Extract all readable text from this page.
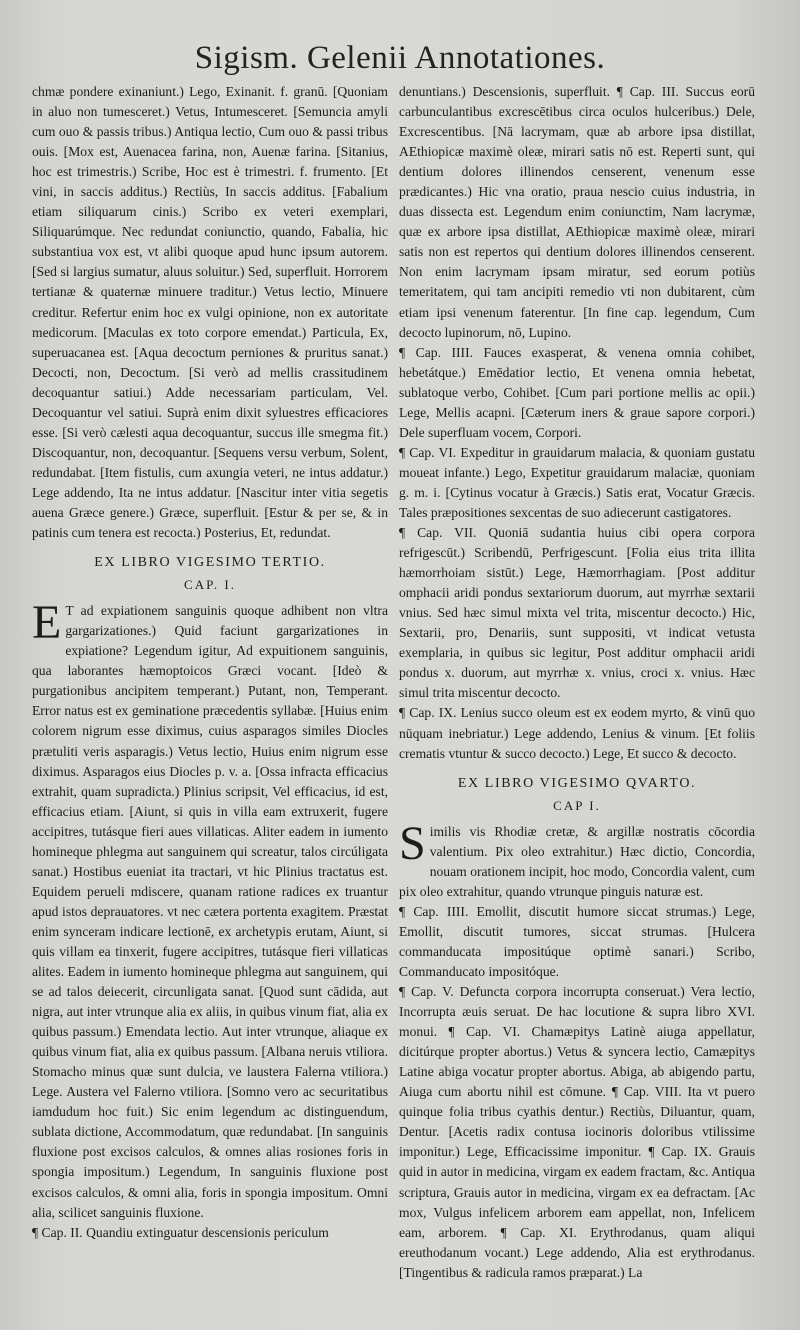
Sigism. Gelenii Annotationes.

chmæ pondere exinaniunt.) Lego, Exinanit. f. granū. [Quoniam in aluo non tumesceret.) Vetus, Intumesceret. [Semuncia amyli cum ouo & passis tribus.) Antiqua lectio, Cum ouo & passi tribus ouis. [Mox est, Auenacea farina, non, Auenæ farina. [Sitanius, hoc est trimestris.) Scribe, Hoc est è trimestri. f. frumento. [Et vini, in saccis additus.) Rectiùs, In saccis additus. [Fabalium etiam siliquarum cinis.) Scribo ex veteri exemplari, Siliquarúmque. Nec redundat coniunctio, quando, Fabalia, hic substantiua vox est, vt alibi quoque apud hunc ipsum autorem. [Sed si largius sumatur, aluus soluitur.) Sed, superfluit. Horrorem tertianæ & quaternæ minuere traditur.) Vetus lectio, Minuere creditur. Refertur enim hoc ex vulgi opinione, non ex autoritate medicorum. [Maculas ex toto corpore emendat.) Particula, Ex, superuacanea est. [Aqua decoctum perniones & pruritus sanat.) Decocti, non, Decoctum. [Si verò ad mellis crassitudinem decoquantur satiui.) Adde necessariam particulam, Vel. Decoquantur vel satiui. Suprà enim dixit syluestres efficaciores esse. [Si verò cælesti aqua decoquantur, succus ille smegma fit.) Discoquantur, non, decoquantur. [Sequens versu verbum, Solent, redundabat. [Item fistulis, cum axungia veteri, ne intus addatur.) Lege addendo, Ita ne intus addatur. [Nascitur inter vitia segetis auena Græce genere.) Græce, superfluit. [Estur & per se, & in patinis cum tenera est recocta.) Posterius, Et, redundat.

EX LIBRO VIGESIMO TERTIO.
CAP. I.

E T ad expiationem sanguinis quoque adhibent non vltra gargarizationes.) Quid faciunt gargarizationes in expiatione? Legendum igitur, Ad expuitionem sanguinis, qua laborantes hæmoptoicos Græci vocant. [Ideò & purgationibus ancipitem temperant.) Putant, non, Temperant. Error natus est ex geminatione præcedentis syllabæ. [Huius enim colorem nigrum esse diximus, cuius asparagos similes Diocles prætuliti veris asparagis.) Vetus lectio, Huius enim nigrum esse diximus. Asparagos eius Diocles p. v. a. [Ossa infracta efficacius extrahit, quam supradicta.) Plinius scripsit, Vel efficacius, id est, efficacius etiam. [Aiunt, si quis in villa eam extruxerit, fugere accipitres, tutásque fieri aues villaticas. Aliter eadem in iumento homineque phlegma aut sanguinem qui screatur, talos circúligata sanat.) Hostibus eueniat ita tractari, vt hic Plinius tractatus est. Equidem perueli mdiscere, quanam ratione radices ex truantur apud istos deprauatores. vt nec cætera portenta exagitem. Præstat enim synceram indicare lectionē, ex archetypis erutam, Aiunt, si quis villam ea tinxerit, fugere accipitres, tutásque fieri villaticas alites. Eadem in iumento homineque phlegma aut sanguinem, qui se ad talos deiecerit, circunligata sanat. [Quod sunt cādida, aut nigra, aut inter vtrunque alia ex aliis, in quibus vinum fiat, alia ex quibus passum.) Emendata lectio. Aut inter vtrunque, aliaque ex quibus vinum fiat, alia ex quibus passum. [Albana neruis vtiliora. Stomacho minus quæ sunt dulcia, ve laustera Falerna vtiliora.) Lege. Austera vel Falerno vtiliora. [Somno vero ac securitatibus iamdudum hoc fuit.) Sic enim legendum ac distinguendum, sublata dictione, Accommodatum, quæ redundabat. [In sanguinis fluxione post excisos calculos, & omnes alias rosiones foris in spongia impositum.) Legendum, In sanguinis fluxione post excisos calculos, & omni alia, foris in spongia impositum. Omni alia, scilicet sanguinis fluxione.

¶ Cap. II. Quandiu extinguatur descensionis periculum

denuntians.) Descensionis, superfluit. ¶ Cap. III. Succus eorū carbunculantibus excrescētibus circa oculos hulceribus.) Dele, Excrescentibus. [Nā lacrymam, quæ ab arbore ipsa distillat, AEthiopicæ maximè oleæ, mirari satis nō est. Reperti sunt, qui dentium dolores illinendos censerent, venenum esse prædicantes.) Hic vna oratio, praua nescio cuius industria, in duas dissecta est. Legendum enim coniunctim, Nam lacrymæ, quæ ex arbore ipsa distillat, AEthiopicæ maximè oleæ, mirari satis non est repertos qui dentium dolores illinendos censerent. Non enim lacrymam ipsam miratur, sed eorum potiùs temeritatem, qui tam ancipiti remedio vti non dubitarent, cùm etiam ipsi venenum faterentur. [In fine cap. legendum, Cum decocto lupinorum, nō, Lupino.

¶ Cap. IIII. Fauces exasperat, & venena omnia cohibet, hebetátque.) Emēdatior lectio, Et venena omnia hebetat, sublatoque verbo, Cohibet. [Cum pari portione mellis ac opii.) Lege, Mellis acapni. [Cæterum iners & graue sapore corpori.) Dele superfluam vocem, Corpori.

¶ Cap. VI. Expeditur in grauidarum malacia, & quoniam gustatu moueat infante.) Lego, Expetitur grauidarum malaciæ, quoniam g. m. i. [Cytinus vocatur à Græcis.) Satis erat, Vocatur Græcis. Tales præpositiones sexcentas de suo adiecerunt castigatores.

¶ Cap. VII. Quoniā sudantia huius cibi opera corpora refrigescūt.) Scribendū, Perfrigescunt. [Folia eius trita illita hæmorrhoiam sistūt.) Lege, Hæmorrhagiam. [Post additur omphacii aridi pondus sextariorum duorum, aut myrrhæ sextarii vnius. Sed hæc simul mixta vel trita, miscentur decocto.) Hic, Sextarii, pro, Denariis, sunt suppositi, vt indicat vetusta exemplaria, in quibus sic legitur, Post additur omphacii aridi pondus x. duorum, aut myrrhæ x. vnius, croci x. vnius. Hæc simul trita miscentur decocto.

¶ Cap. IX. Lenius succo oleum est ex eodem myrto, & vinū quo nūquam inebriatur.) Lege addendo, Lenius & vinum. [Et foliis crematis vtuntur & succo decocto.) Lege, Et succo & decocto.

EX LIBRO VIGESIMO QVARTO.
CAP I.

Similis vis Rhodiæ cretæ, & argillæ nostratis cōcordia valentium. Pix oleo extrahitur.) Hæc dictio, Concordia, nouam orationem incipit, hoc modo, Concordia valent, cum pix oleo extrahitur, quando vtrunque pinguis naturæ est.

¶ Cap. IIII. Emollit, discutit humore siccat strumas.) Lege, Emollit, discutit tumores, siccat strumas. [Hulcera commanducata impositúque optimè sanari.) Scribo, Commanducato impositóque.

¶ Cap. V. Defuncta corpora incorrupta conseruat.) Vera lectio, Incorrupta æuis seruat. De hac locutione & supra libro XVI. monui. ¶ Cap. VI. Chamæpitys Latinè aiuga appellatur, dicitúrque propter abortus.) Vetus & syncera lectio, Camæpitys Latine abiga vocatur propter abortus. Abiga, ab abigendo partu, Aiuga cum abortu nihil est cōmune. ¶ Cap. VIII. Ita vt puero quinque folia tribus cyathis dentur.) Rectiùs, Diluantur, quam, Dentur. [Acetis radix contusa iocinoris doloribus vtilissime imponitur.) Lege, Efficacissime imponitur. ¶ Cap. IX. Grauis quid in autor in medicina, virgam ex eadem fractam, &c. Antiqua scriptura, Grauis autor in medicina, virgam ex ea defractam. [Ac mox, Vulgus infelicem arborem eam appellat, non, Infelicem eam, arborem. ¶ Cap. XI. Erythrodanus, quam aliqui ereuthodanum vocant.) Lege addendo, Alia est erythrodanus. [Tingentibus & radicula ramos præparat.) La
